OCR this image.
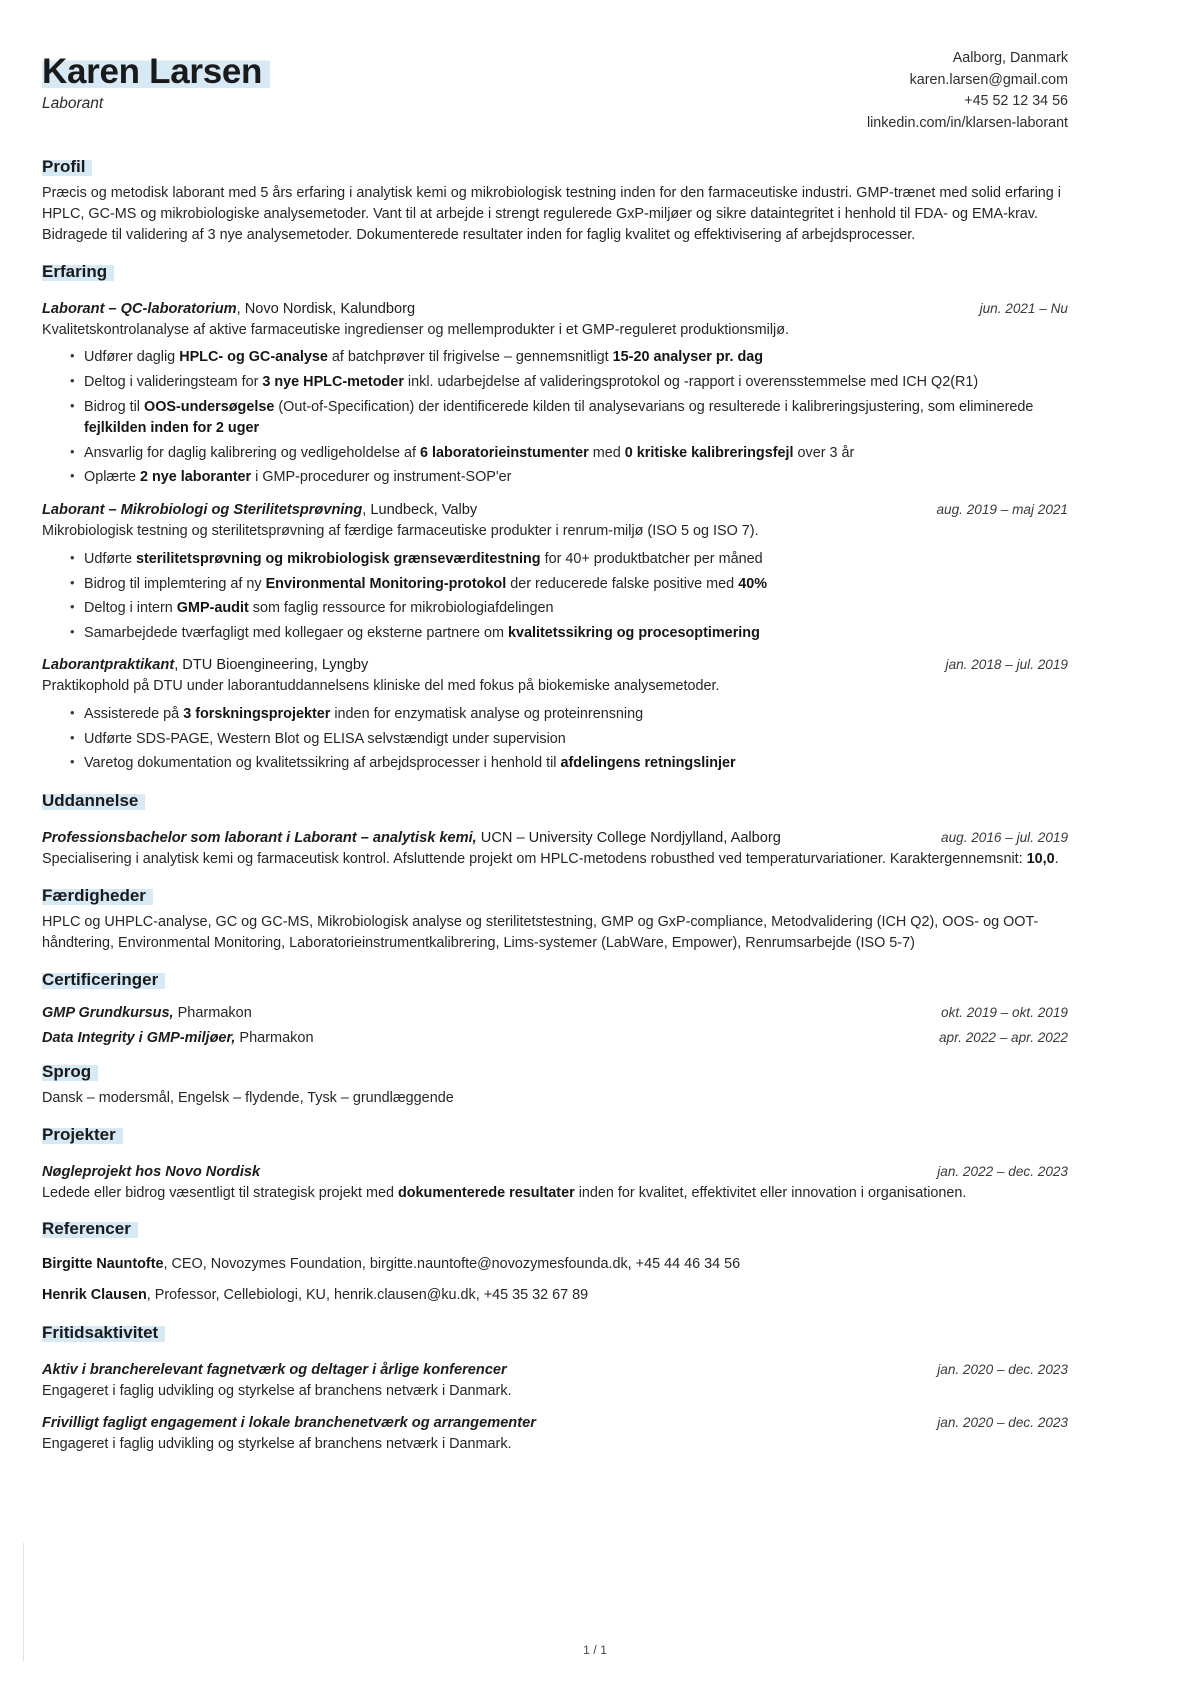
Karen Larsen
Laborant
Aalborg, Danmark
karen.larsen@gmail.com
+45 52 12 34 56
linkedin.com/in/klarsen-laborant
Profil
Præcis og metodisk laborant med 5 års erfaring i analytisk kemi og mikrobiologisk testning inden for den farmaceutiske industri. GMP-trænet med solid erfaring i HPLC, GC-MS og mikrobiologiske analysemetoder. Vant til at arbejde i strengt regulerede GxP-miljøer og sikre dataintegritet i henhold til FDA- og EMA-krav. Bidragede til validering af 3 nye analysemetoder. Dokumenterede resultater inden for faglig kvalitet og effektivisering af arbejdsprocesser.
Erfaring
Laborant – QC-laboratorium, Novo Nordisk, Kalundborg	jun. 2021 – Nu
Kvalitetskontrolanalyse af aktive farmaceutiske ingredienser og mellemprodukter i et GMP-reguleret produktionsmiljø.
• Udfører daglig HPLC- og GC-analyse af batchprøver til frigivelse – gennemsnitligt 15-20 analyser pr. dag
• Deltog i valideringsteam for 3 nye HPLC-metoder inkl. udarbejdelse af valideringsprotokol og -rapport i overensstemmelse med ICH Q2(R1)
• Bidrog til OOS-undersøgelse (Out-of-Specification) der identificerede kilden til analysevarians og resulterede i kalibreringsjustering, som eliminerede fejlkilden inden for 2 uger
• Ansvarlig for daglig kalibrering og vedligeholdelse af 6 laboratorieinstumenter med 0 kritiske kalibreringsfejl over 3 år
• Oplærte 2 nye laboranter i GMP-procedurer og instrument-SOP'er
Laborant – Mikrobiologi og Sterilitetsprøvning, Lundbeck, Valby	aug. 2019 – maj 2021
Mikrobiologisk testning og sterilitetsprøvning af færdige farmaceutiske produkter i renrum-miljø (ISO 5 og ISO 7).
• Udførte sterilitetsprøvning og mikrobiologisk grænseværditestning for 40+ produktbatcher per måned
• Bidrog til implemtering af ny Environmental Monitoring-protokol der reducerede falske positive med 40%
• Deltog i intern GMP-audit som faglig ressource for mikrobiologiafdelingen
• Samarbejdede tværfagligt med kollegaer og eksterne partnere om kvalitetssikring og procesoptimering
Laborantpraktikant, DTU Bioengineering, Lyngby	jan. 2018 – jul. 2019
Praktikophold på DTU under laborantuddannelsens kliniske del med fokus på biokemiske analysemetoder.
• Assisterede på 3 forskningsprojekter inden for enzymatisk analyse og proteinrensning
• Udførte SDS-PAGE, Western Blot og ELISA selvstændigt under supervision
• Varetog dokumentation og kvalitetssikring af arbejdsprocesser i henhold til afdelingens retningslinjer
Uddannelse
Professionsbachelor som laborant i Laborant – analytisk kemi, UCN – University College Nordjylland, Aalborg	aug. 2016 – jul. 2019
Specialisering i analytisk kemi og farmaceutisk kontrol. Afsluttende projekt om HPLC-metodens robusthed ved temperaturvariationer. Karaktergennemsnit: 10,0.
Færdigheder
HPLC og UHPLC-analyse, GC og GC-MS, Mikrobiologisk analyse og sterilitetstestning, GMP og GxP-compliance, Metodvalidering (ICH Q2), OOS- og OOT-håndtering, Environmental Monitoring, Laboratorieinstrumentkalibrering, Lims-systemer (LabWare, Empower), Renrumsarbejde (ISO 5-7)
Certificeringer
GMP Grundkursus, Pharmakon	okt. 2019 – okt. 2019
Data Integrity i GMP-miljøer, Pharmakon	apr. 2022 – apr. 2022
Sprog
Dansk – modersmål, Engelsk – flydende, Tysk – grundlæggende
Projekter
Nøgleprojekt hos Novo Nordisk	jan. 2022 – dec. 2023
Ledede eller bidrog væsentligt til strategisk projekt med dokumenterede resultater inden for kvalitet, effektivitet eller innovation i organisationen.
Referencer
Birgitte Nauntofte, CEO, Novozymes Foundation, birgitte.nauntofte@novozymesfounda.dk, +45 44 46 34 56
Henrik Clausen, Professor, Cellebiologi, KU, henrik.clausen@ku.dk, +45 35 32 67 89
Fritidsaktivitet
Aktiv i brancherelevant fagnetværk og deltager i årlige konferencer	jan. 2020 – dec. 2023
Engageret i faglig udvikling og styrkelse af branchens netværk i Danmark.
Frivilligt fagligt engagement i lokale branchenetværk og arrangementer	jan. 2020 – dec. 2023
Engageret i faglig udvikling og styrkelse af branchens netværk i Danmark.
1 / 1
